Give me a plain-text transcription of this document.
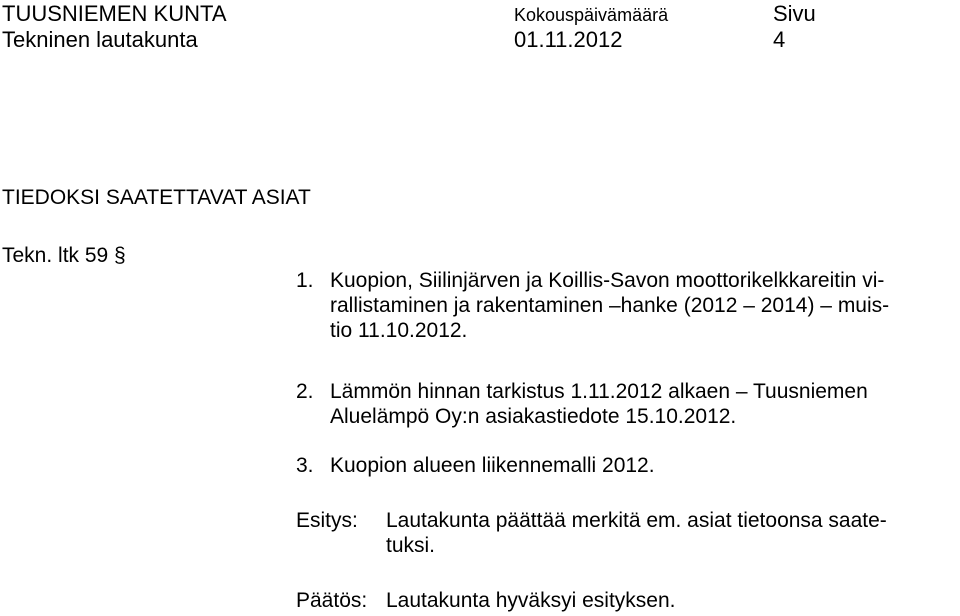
TUUSNIEMEN KUNTA
Tekninen lautakunta
Kokouspäivämäärä
01.11.2012
Sivu
4
TIEDOKSI SAATETTAVAT ASIAT
Tekn. ltk 59 §
1. Kuopion, Siilinjärven ja Koillis-Savon moottorikelkkareitin vi-
rallistaminen ja rakentaminen –hanke (2012 – 2014) – muis-
tio 11.10.2012.
2. Lämmön hinnan tarkistus 1.11.2012 alkaen – Tuusniemen
Aluelämpö Oy:n asiakastiedote 15.10.2012.
3. Kuopion alueen liikennemalli 2012.
Esitys: Lautakunta päättää merkitä em. asiat tietoonsa saate-
tuksi.
Päätös: Lautakunta hyväksyi esityksen.
